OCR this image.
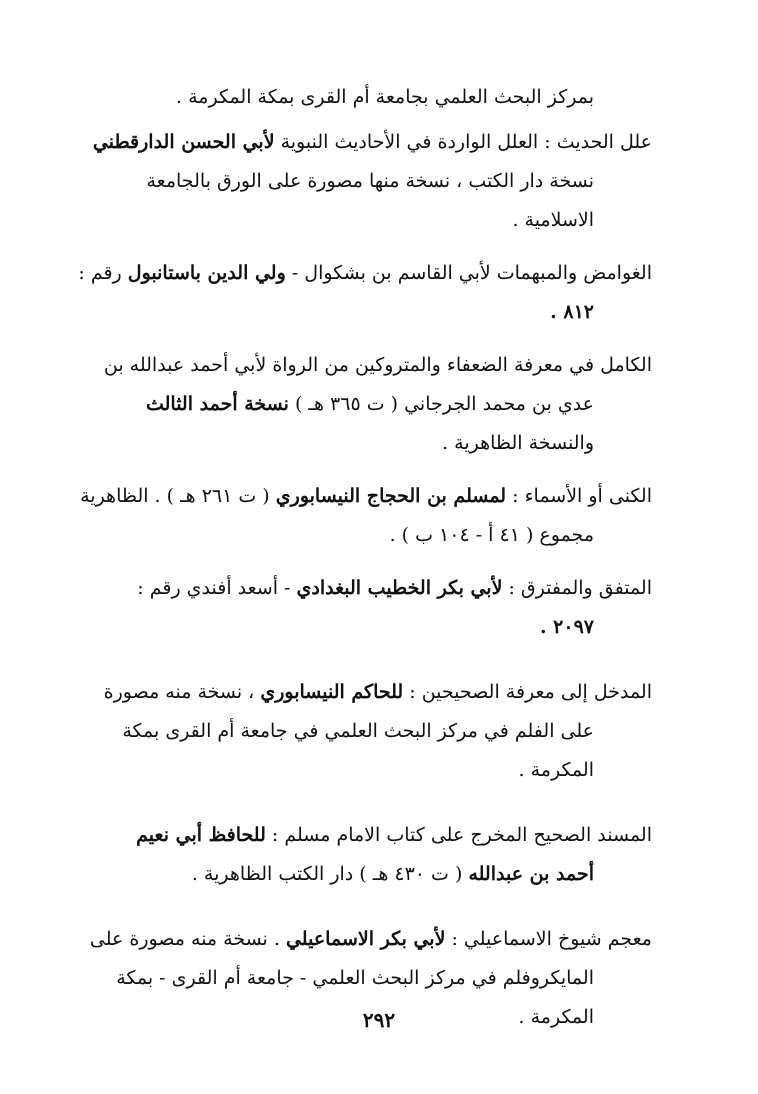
بمركز البحث العلمي بجامعة أم القرى بمكة المكرمة .
علل الحديث : العلل الواردة في الأحاديث النبوية لأبي الحسن الدارقطني
نسخة دار الكتب ، نسخة منها مصورة على الورق بالجامعة
الاسلامية .
الغوامض والمبهمات لأبي القاسم بن بشكوال - ولي الدين باستانبول رقم :
٨١٢ .
الكامل في معرفة الضعفاء والمتروكين من الرواة لأبي أحمد عبدالله بن
عدي بن محمد الجرجاني ( ت ٣٦٥ هـ ) نسخة أحمد الثالث
والنسخة الظاهرية .
الكنى أو الأسماء : لمسلم بن الحجاج النيسابوري ( ت ٢٦١ هـ ) . الظاهرية
مجموع ( ٤١ أ - ١٠٤ ب ) .
المتفق والمفترق : لأبي بكر الخطيب البغدادي - أسعد أفندي رقم :
٢٠٩٧ .
المدخل إلى معرفة الصحيحين : للحاكم النيسابوري ، نسخة منه مصورة
على الفلم في مركز البحث العلمي في جامعة أم القرى بمكة
المكرمة .
المسند الصحيح المخرج على كتاب الامام مسلم : للحافظ أبي نعيم
أحمد بن عبدالله ( ت ٤٣٠ هـ ) دار الكتب الظاهرية .
معجم شيوخ الاسماعيلي : لأبي بكر الاسماعيلي . نسخة منه مصورة على
المايكروفلم في مركز البحث العلمي - جامعة أم القرى - بمكة
المكرمة .
٢٩٢
